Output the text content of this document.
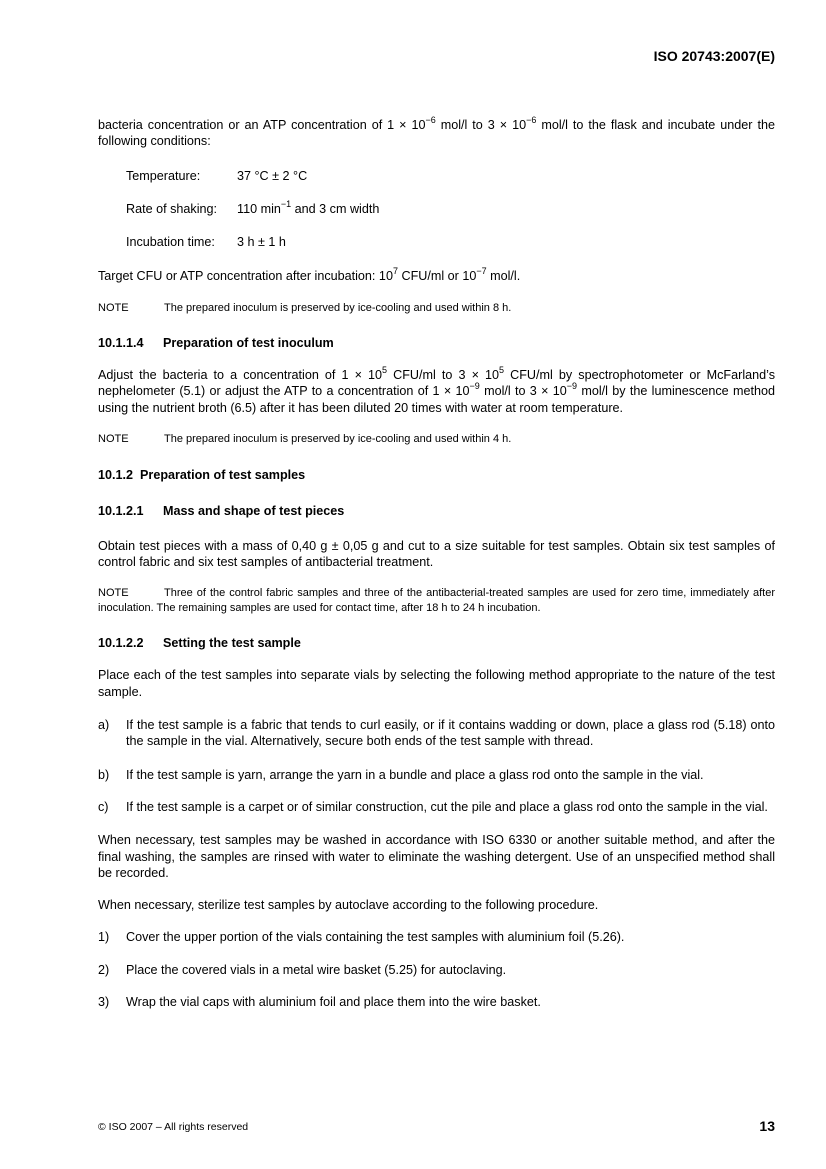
ISO 20743:2007(E)

bacteria concentration or an ATP concentration of $1 \times 10^{-6}$ mol/l to $3 \times 10^{-6}$ mol/l to the flask and incubate under the following conditions:

Temperature:	37 °C ± 2 °C
Rate of shaking:	110 $\min^{-1}$ and 3 cm width
Incubation time:	3 h ± 1 h

Target CFU or ATP concentration after incubation: $10^7$ CFU/ml or $10^{-7}$ mol/l.

NOTE	The prepared inoculum is preserved by ice-cooling and used within 8 h.
10.1.1.4 Preparation of test inoculum

Adjust the bacteria to a concentration of $1 \times 10^5$ CFU/ml to $3 \times 10^5$ CFU/ml by spectrophotometer or McFarland’s nephelometer (5.1) or adjust the ATP to a concentration of $1 \times 10^{-9}$ mol/l to $3 \times 10^{-9}$ mol/l by the luminescence method using the nutrient broth (6.5) after it has been diluted 20 times with water at room temperature.

NOTE	The prepared inoculum is preserved by ice-cooling and used within 4 h.
10.1.2 Preparation of test samples
10.1.2.1 Mass and shape of test pieces

Obtain test pieces with a mass of 0,40 g ± 0,05 g and cut to a size suitable for test samples. Obtain six test samples of control fabric and six test samples of antibacterial treatment.

NOTE	Three of the control fabric samples and three of the antibacterial-treated samples are used for zero time, immediately after inoculation. The remaining samples are used for contact time, after 18 h to 24 h incubation.
10.1.2.2 Setting the test sample

Place each of the test samples into separate vials by selecting the following method appropriate to the nature of the test sample.

a)	If the test sample is a fabric that tends to curl easily, or if it contains wadding or down, place a glass rod (5.18) onto the sample in the vial. Alternatively, secure both ends of the test sample with thread.
b)	If the test sample is yarn, arrange the yarn in a bundle and place a glass rod onto the sample in the vial.
c)	If the test sample is a carpet or of similar construction, cut the pile and place a glass rod onto the sample in the vial.

When necessary, test samples may be washed in accordance with ISO 6330 or another suitable method, and after the final washing, the samples are rinsed with water to eliminate the washing detergent. Use of an unspecified method shall be recorded.

When necessary, sterilize test samples by autoclave according to the following procedure.

1)	Cover the upper portion of the vials containing the test samples with aluminium foil (5.26).
2)	Place the covered vials in a metal wire basket (5.25) for autoclaving.
3)	Wrap the vial caps with aluminium foil and place them into the wire basket.
© ISO 2007 – All rights reserved	13
